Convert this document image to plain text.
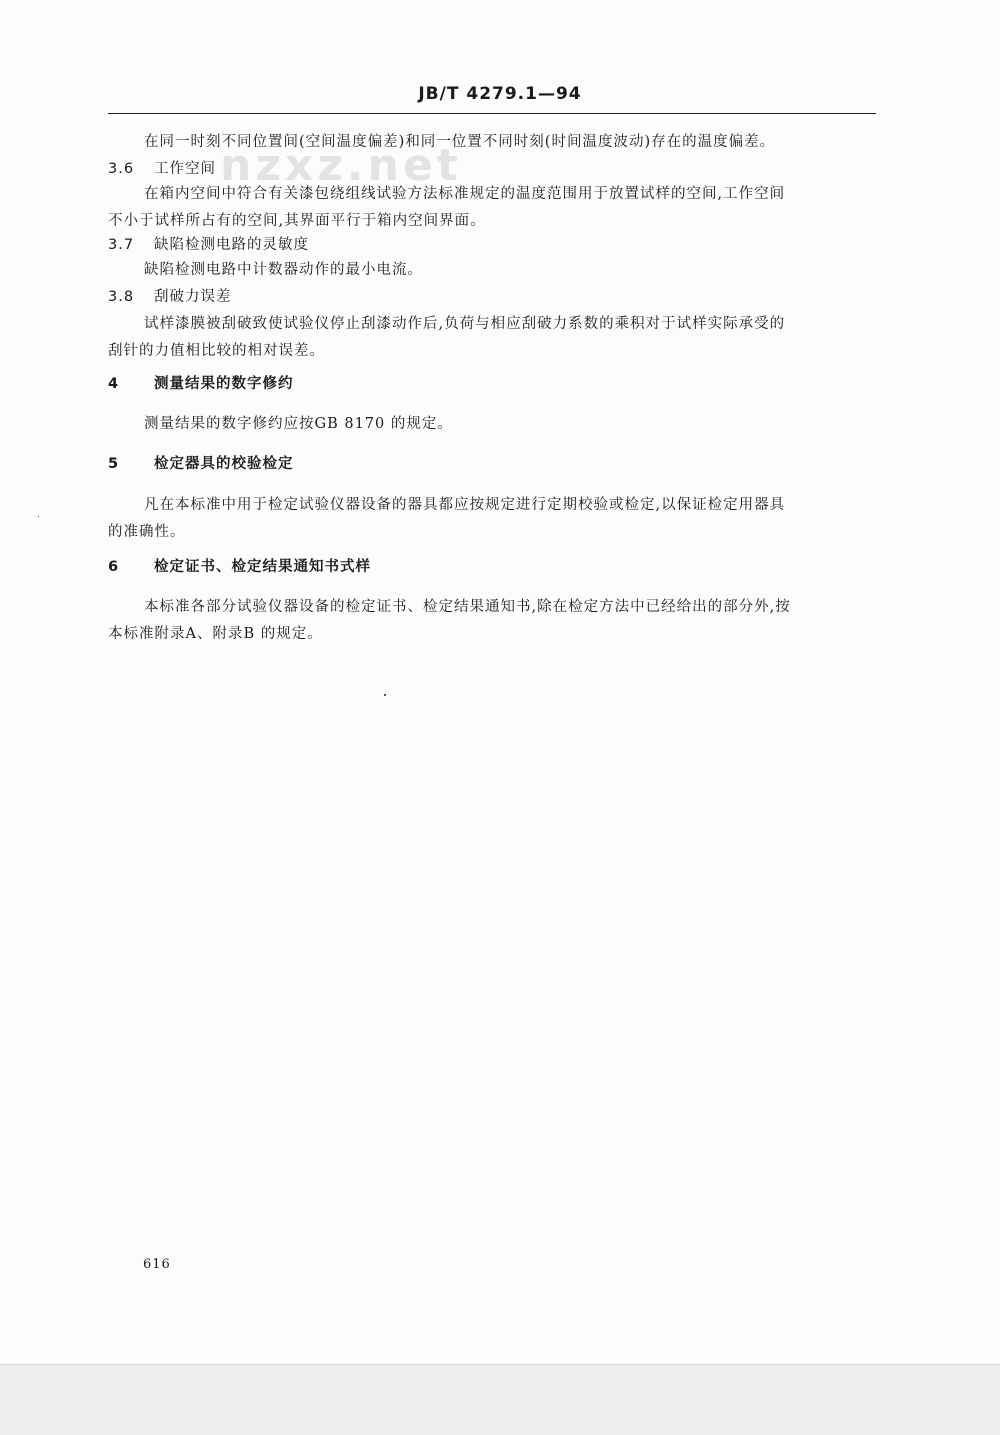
JB/T 4279.1—94
nzxz.net
在同一时刻不同位置间(空间温度偏差)和同一位置不同时刻(时间温度波动)存在的温度偏差。
3.6 工作空间
在箱内空间中符合有关漆包绕组线试验方法标准规定的温度范围用于放置试样的空间,工作空间
不小于试样所占有的空间,其界面平行于箱内空间界面。
3.7 缺陷检测电路的灵敏度
缺陷检测电路中计数器动作的最小电流。
3.8 刮破力误差
试样漆膜被刮破致使试验仪停止刮漆动作后,负荷与相应刮破力系数的乘积对于试样实际承受的
刮针的力值相比较的相对误差。
4 测量结果的数字修约
测量结果的数字修约应按GB 8170 的规定。
5 检定器具的校验检定
凡在本标准中用于检定试验仪器设备的器具都应按规定进行定期校验或检定,以保证检定用器具
的准确性。
6 检定证书、检定结果通知书式样
本标准各部分试验仪器设备的检定证书、检定结果通知书,除在检定方法中已经给出的部分外,按
本标准附录A、附录B 的规定。
616
